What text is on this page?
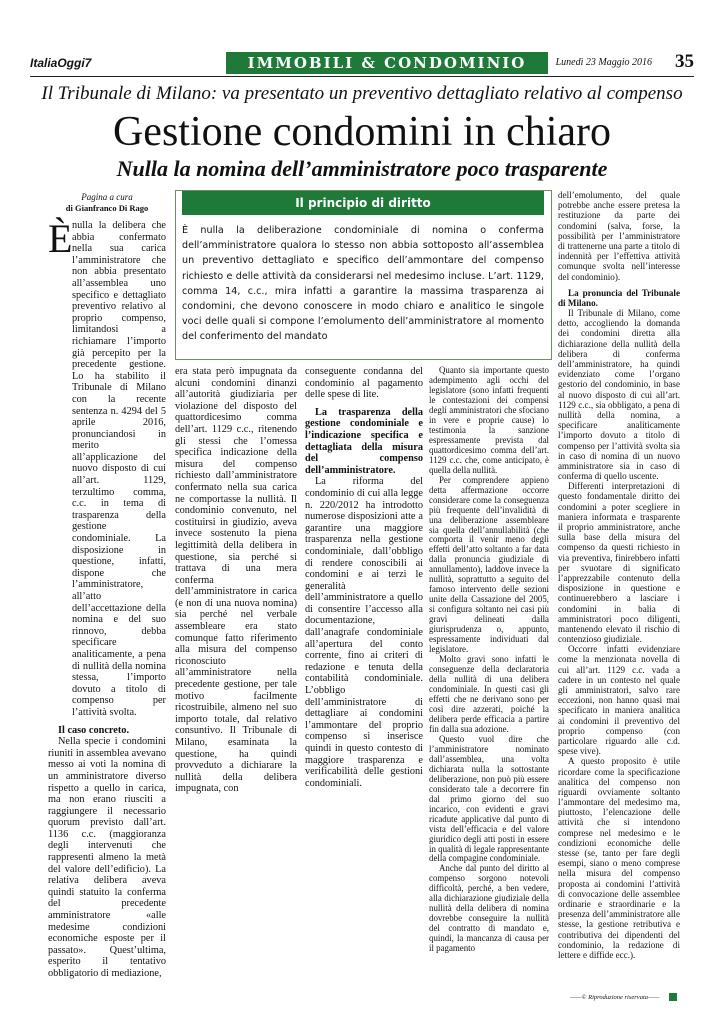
ItaliaOggi7	IMMOBILI & CONDOMINIO	Lunedì 23 Maggio 2016 35
Il Tribunale di Milano: va presentato un preventivo dettagliato relativo al compenso
Gestione condomini in chiaro
Nulla la nomina dell’amministratore poco trasparente
Pagina a cura
di Gianfranco Di Rago	Il principio di diritto
È nulla la deliberazione condominiale di nomina o conferma dell’amministratore qualora lo stesso non abbia sottoposto all’assemblea un preventivo dettagliato e specifico dell’ammontare del compenso richiesto e delle attività da considerarsi nel medesimo incluse. L’art. 1129, comma 14, c.c., mira infatti a garantire la massima trasparenza ai condomini, che devono conoscere in modo chiaro e analitico le singole voci delle quali si compone l’emolumento dell’amministratore al momento del conferimento del mandato
È nulla la delibera che abbia confermato nella sua carica l’amministratore che non abbia presentato all’assemblea uno specifico e dettagliato preventivo relativo al proprio compenso, limitandosi a richiamare l’importo già percepito per la precedente gestione. Lo ha stabilito il Tribunale di Milano con la recente sentenza n. 4294 del 5 aprile 2016, pronunciandosi in merito all’applicazione del nuovo disposto di cui all’art. 1129, terzultimo comma, c.c. in tema di trasparenza della gestione condominiale. La disposizione in questione, infatti, dispone che l’amministratore, all’atto dell’accettazione della nomina e del suo rinnovo, debba specificare analiticamente, a pena di nullità della nomina stessa, l’importo dovuto a titolo di compenso per l’attività svolta.

Il caso concreto.

Nella specie i condomini riuniti in assemblea avevano messo ai voti la nomina di un amministratore diverso rispetto a quello in carica, ma non erano riusciti a raggiungere il necessario quorum previsto dall’art. 1136 c.c. (maggioranza degli intervenuti che rappresenti almeno la metà del valore dell’edificio). La relativa delibera aveva quindi statuito la conferma del precedente amministratore «alle medesime condizioni economiche esposte per il passato». Quest’ultima, esperito il tentativo obbligatorio di mediazione,

era stata però impugnata da alcuni condomini dinanzi all’autorità giudiziaria per violazione del disposto del quattordicesimo comma dell’art. 1129 c.c., ritenendo gli stessi che l’omessa specifica indicazione della misura del compenso richiesto dall’amministratore confermato nella sua carica ne comportasse la nullità. Il condominio convenuto, nel costituirsi in giudizio, aveva invece sostenuto la piena legittimità della delibera in questione, sia perché si trattava di una mera conferma dell’amministratore in carica (e non di una nuova nomina) sia perché nel verbale assembleare era stato comunque fatto riferimento alla misura del compenso riconosciuto all’amministratore nella precedente gestione, per tale motivo facilmente ricostruibile, almeno nel suo importo totale, dal relativo consuntivo. Il Tribunale di Milano, esaminata la questione, ha quindi provveduto a dichiarare la nullità della delibera impugnata, con

conseguente condanna del condominio al pagamento delle spese di lite.

La trasparenza della gestione condominiale e l’indicazione specifica e dettagliata della misura del compenso dell’amministratore.

La riforma del condominio di cui alla legge n. 220/2012 ha introdotto numerose disposizioni atte a garantire una maggiore trasparenza nella gestione condominiale, dall’obbligo di rendere conoscibili ai condomini e ai terzi le generalità dell’amministratore a quello di consentire l’accesso alla documentazione, dall’anagrafe condominiale all’apertura del conto corrente, fino ai criteri di redazione e tenuta della contabilità condominiale. L’obbligo dell’amministratore di dettagliare ai condomini l’ammontare del proprio compenso si inserisce quindi in questo contesto di maggiore trasparenza e verificabilità delle gestioni condominiali.

Quanto sia importante questo adempimento agli occhi del legislatore (sono infatti frequenti le contestazioni dei compensi degli amministratori che sfociano in vere e proprie cause) lo testimonia la sanzione espressamente prevista dal quattordicesimo comma dell’art. 1129 c.c. che, come anticipato, è quella della nullità.

Per comprendere appieno detta affermazione occorre considerare come la conseguenza più frequente dell’invalidità di una deliberazione assembleare sia quella dell’annullabilità (che comporta il venir meno degli effetti dell’atto soltanto a far data dalla pronuncia giudiziale di annullamento), laddove invece la nullità, soprattutto a seguito del famoso intervento delle sezioni unite della Cassazione del 2005, si configura soltanto nei casi più gravi delineati dalla giurisprudenza o, appunto, espressamente individuati dal legislatore.

Molto gravi sono infatti le conseguenze della declaratoria della nullità di una delibera condominiale. In questi casi gli effetti che ne derivano sono per così dire azzerati, poiché la delibera perde efficacia a partire fin dalla sua adozione.

Questo vuol dire che l’amministratore nominato dall’assemblea, una volta dichiarata nulla la sottostante deliberazione, non può più essere considerato tale a decorrere fin dal primo giorno del suo incarico, con evidenti e gravi ricadute applicative dal punto di vista dell’efficacia e del valore giuridico degli atti posti in essere in qualità di legale rappresentante della compagine condominiale.

Anche dal punto del diritto al compenso sorgono notevoli difficoltà, perché, a ben vedere, alla dichiarazione giudiziale della nullità della delibera di nomina dovrebbe conseguire la nullità del contratto di mandato e, quindi, la mancanza di causa per il pagamento

dell’emolumento, del quale potrebbe anche essere pretesa la restituzione da parte dei condomini (salva, forse, la possibilità per l’amministratore di trattenerne una parte a titolo di indennità per l’effettiva attività comunque svolta nell’interesse del condominio).

La pronuncia del Tribunale di Milano.

Il Tribunale di Milano, come detto, accogliendo la domanda dei condomini diretta alla dichiarazione della nullità della delibera di conferma dell’amministratore, ha quindi evidenziato come l’organo gestorio del condominio, in base al nuovo disposto di cui all’art. 1129 c.c., sia obbligato, a pena di nullità della nomina, a specificare analiticamente l’importo dovuto a titolo di compenso per l’attività svolta sia in caso di nomina di un nuovo amministratore sia in caso di conferma di quello uscente.

Differenti interpretazioni di questo fondamentale diritto dei condomini a poter scegliere in maniera informata e trasparente il proprio amministratore, anche sulla base della misura del compenso da questi richiesto in via preventiva, finirebbero infatti per svuotare di significato l’apprezzabile contenuto della disposizione in questione e continuerebbero a lasciare i condomini in balia di amministratori poco diligenti, mantenendo elevato il rischio di contenzioso giudiziale.

Occorre infatti evidenziare come la menzionata novella di cui all’art. 1129 c.c. vada a cadere in un contesto nel quale gli amministratori, salvo rare eccezioni, non hanno quasi mai specificato in maniera analitica ai condomini il preventivo del proprio compenso (con particolare riguardo alle c.d. spese vive).

A questo proposito è utile ricordare come la specificazione analitica del compenso non riguardi ovviamente soltanto l’ammontare del medesimo ma, piuttosto, l’elencazione delle attività che si intendono comprese nel medesimo e le condizioni economiche delle stesse (se, tanto per fare degli esempi, siano o meno comprese nella misura del compenso proposta ai condomini l’attività di convocazione delle assemblee ordinarie e straordinarie e la presenza dell’amministratore alle stesse, la gestione retributiva e contributiva dei dipendenti del condominio, la redazione di lettere e diffide ecc.).

——© Riproduzione riservata——
